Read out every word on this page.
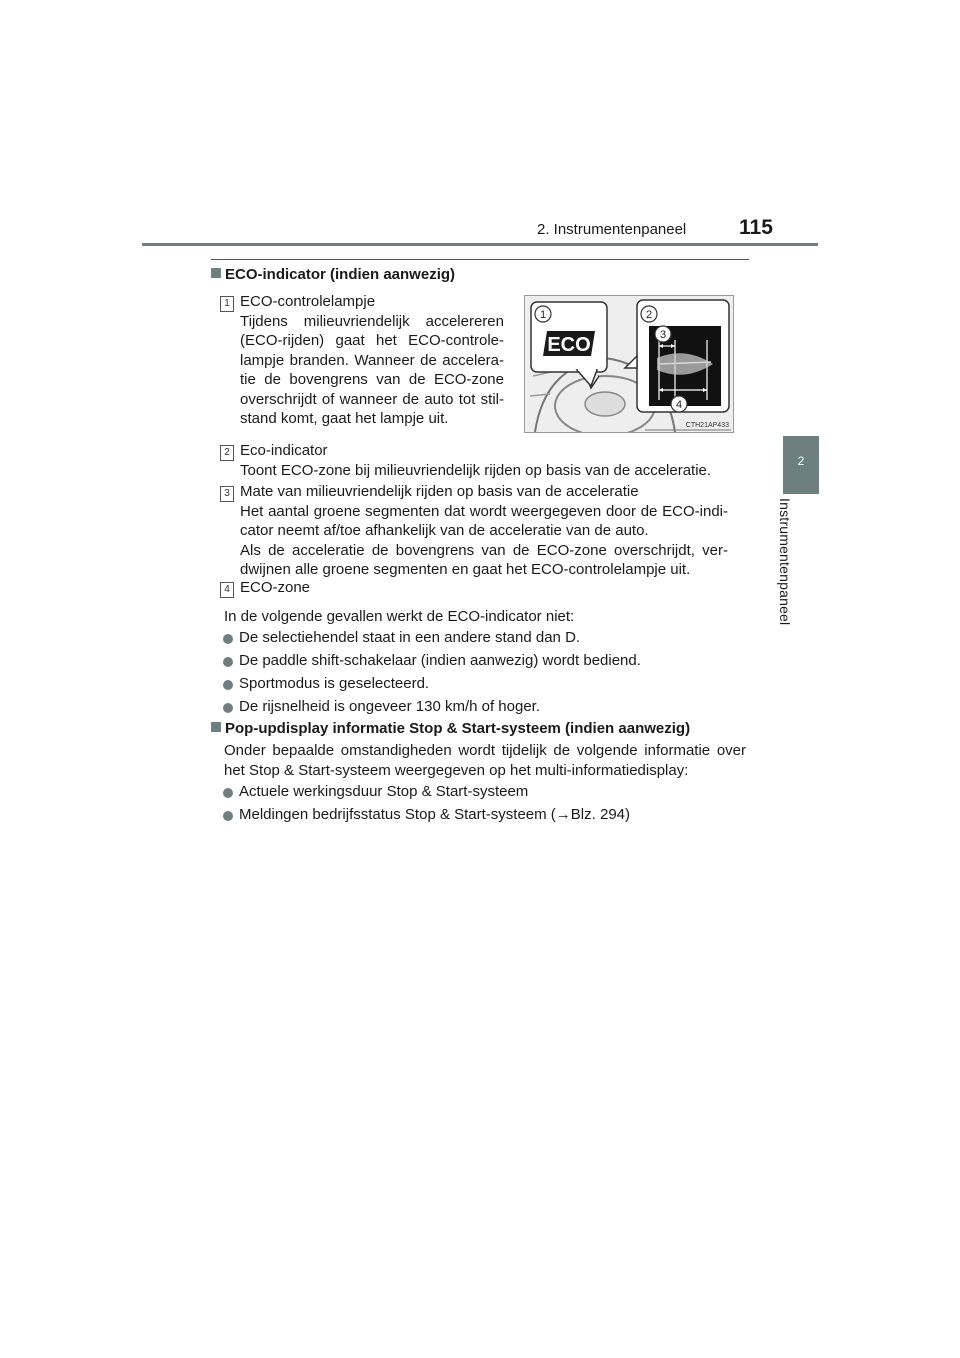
2. Instrumentenpaneel	115
2
Instrumentenpaneel
ECO-indicator (indien aanwezig)
1 ECO-controlelampje
Tijdens milieuvriendelijk accelereren (ECO-rijden) gaat het ECO-controle-lampje branden. Wanneer de accelera-tie de bovengrens van de ECO-zone overschrijdt of wanneer de auto tot stil-stand komt, gaat het lampje uit.
ECO
1	2
3
4
CTH21AP433
2 Eco-indicator
Toont ECO-zone bij milieuvriendelijk rijden op basis van de acceleratie.
3 Mate van milieuvriendelijk rijden op basis van de acceleratie
Het aantal groene segmenten dat wordt weergegeven door de ECO-indi-cator neemt af/toe afhankelijk van de acceleratie van de auto.
Als de acceleratie de bovengrens van de ECO-zone overschrijdt, ver-dwijnen alle groene segmenten en gaat het ECO-controlelampje uit.
4 ECO-zone
In de volgende gevallen werkt de ECO-indicator niet:
De selectiehendel staat in een andere stand dan D.
De paddle shift-schakelaar (indien aanwezig) wordt bediend.
Sportmodus is geselecteerd.
De rijsnelheid is ongeveer 130 km/h of hoger.
Pop-updisplay informatie Stop & Start-systeem (indien aanwezig)
Onder bepaalde omstandigheden wordt tijdelijk de volgende informatie over het Stop & Start-systeem weergegeven op het multi-informatiedisplay:
Actuele werkingsduur Stop & Start-systeem
Meldingen bedrijfsstatus Stop & Start-systeem (→Blz. 294)
